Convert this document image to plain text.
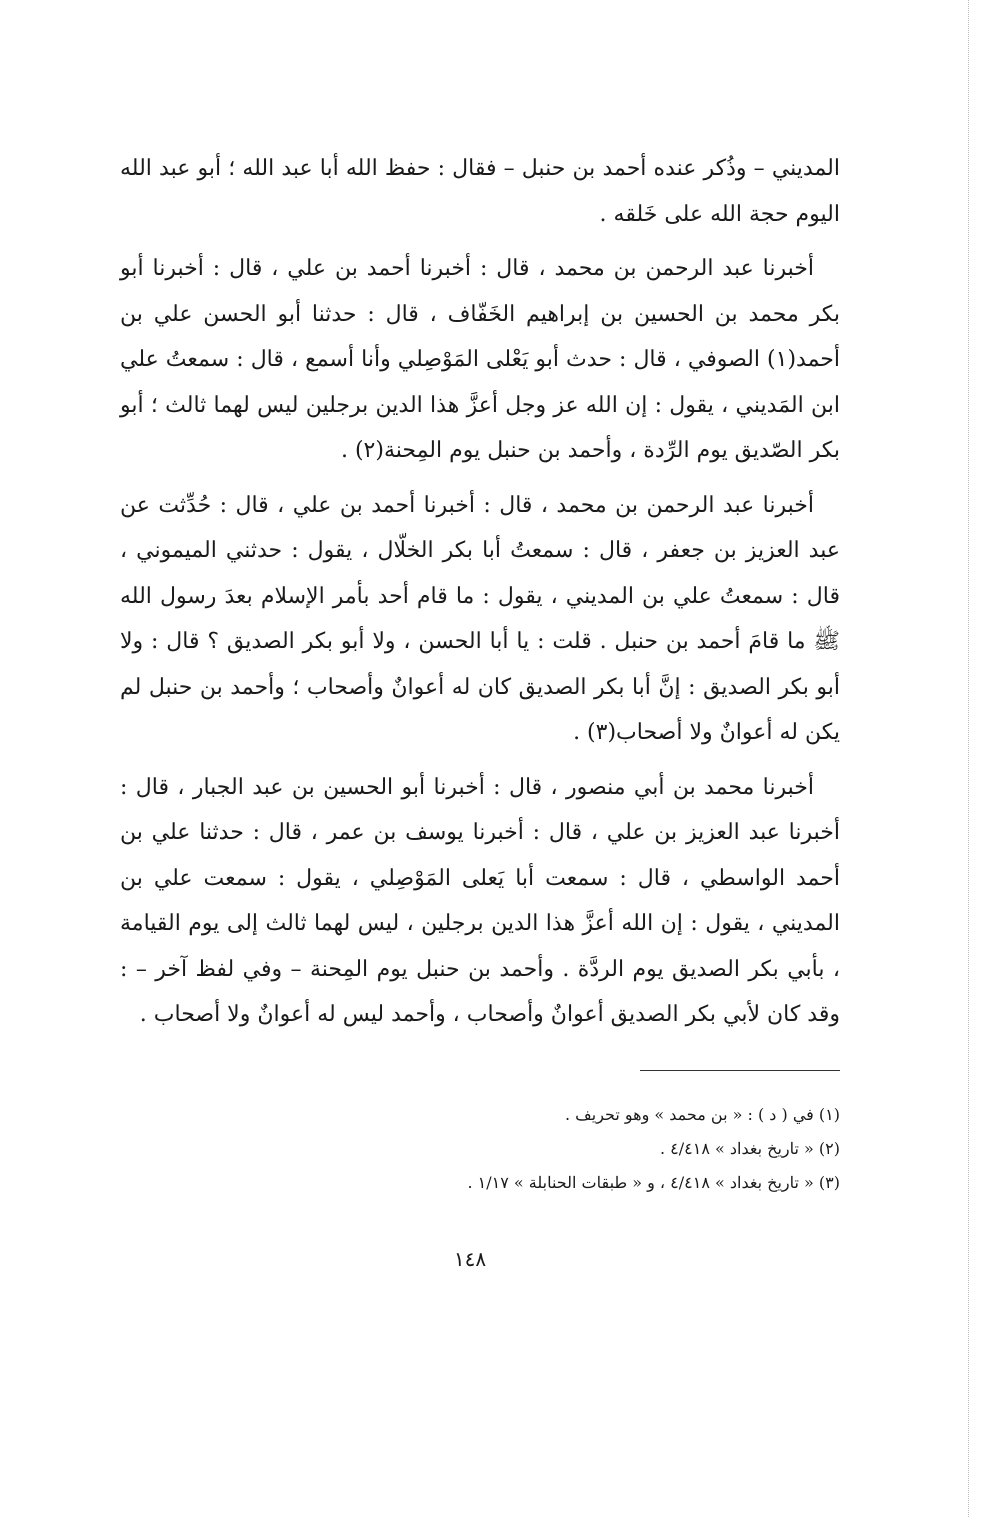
المديني – وذُكر عنده أحمد بن حنبل – فقال : حفظ الله أبا عبد الله ؛ أبو عبد الله اليوم حجة الله على خَلقه .

أخبرنا عبد الرحمن بن محمد ، قال : أخبرنا أحمد بن علي ، قال : أخبرنا أبو بكر محمد بن الحسين بن إبراهيم الخَفّاف ، قال : حدثنا أبو الحسن علي بن أحمد(١) الصوفي ، قال : حدث أبو يَعْلى المَوْصِلي وأنا أسمع ، قال : سمعتُ علي ابن المَديني ، يقول : إن الله عز وجل أعزَّ هذا الدين برجلين ليس لهما ثالث ؛ أبو بكر الصّديق يوم الرِّدة ، وأحمد بن حنبل يوم المِحنة(٢) .

أخبرنا عبد الرحمن بن محمد ، قال : أخبرنا أحمد بن علي ، قال : حُدِّثت عن عبد العزيز بن جعفر ، قال : سمعتُ أبا بكر الخلّال ، يقول : حدثني الميموني ، قال : سمعتُ علي بن المديني ، يقول : ما قام أحد بأمر الإسلام بعدَ رسول الله ﷺ ما قامَ أحمد بن حنبل . قلت : يا أبا الحسن ، ولا أبو بكر الصديق ؟ قال : ولا أبو بكر الصديق : إنَّ أبا بكر الصديق كان له أعوانٌ وأصحاب ؛ وأحمد بن حنبل لم يكن له أعوانٌ ولا أصحاب(٣) .

أخبرنا محمد بن أبي منصور ، قال : أخبرنا أبو الحسين بن عبد الجبار ، قال : أخبرنا عبد العزيز بن علي ، قال : أخبرنا يوسف بن عمر ، قال : حدثنا علي بن أحمد الواسطي ، قال : سمعت أبا يَعلى المَوْصِلي ، يقول : سمعت علي بن المديني ، يقول : إن الله أعزَّ هذا الدين برجلين ، ليس لهما ثالث إلى يوم القيامة ، بأبي بكر الصديق يوم الردَّة . وأحمد بن حنبل يوم المِحنة – وفي لفظ آخر – : وقد كان لأبي بكر الصديق أعوانٌ وأصحاب ، وأحمد ليس له أعوانٌ ولا أصحاب .

(١) في ( د ) : « بن محمد » وهو تحريف .

(٢) « تاريخ بغداد » ٤/٤١٨ .

(٣) « تاريخ بغداد » ٤/٤١٨ ، و « طبقات الحنابلة » ١/١٧ .

١٤٨
